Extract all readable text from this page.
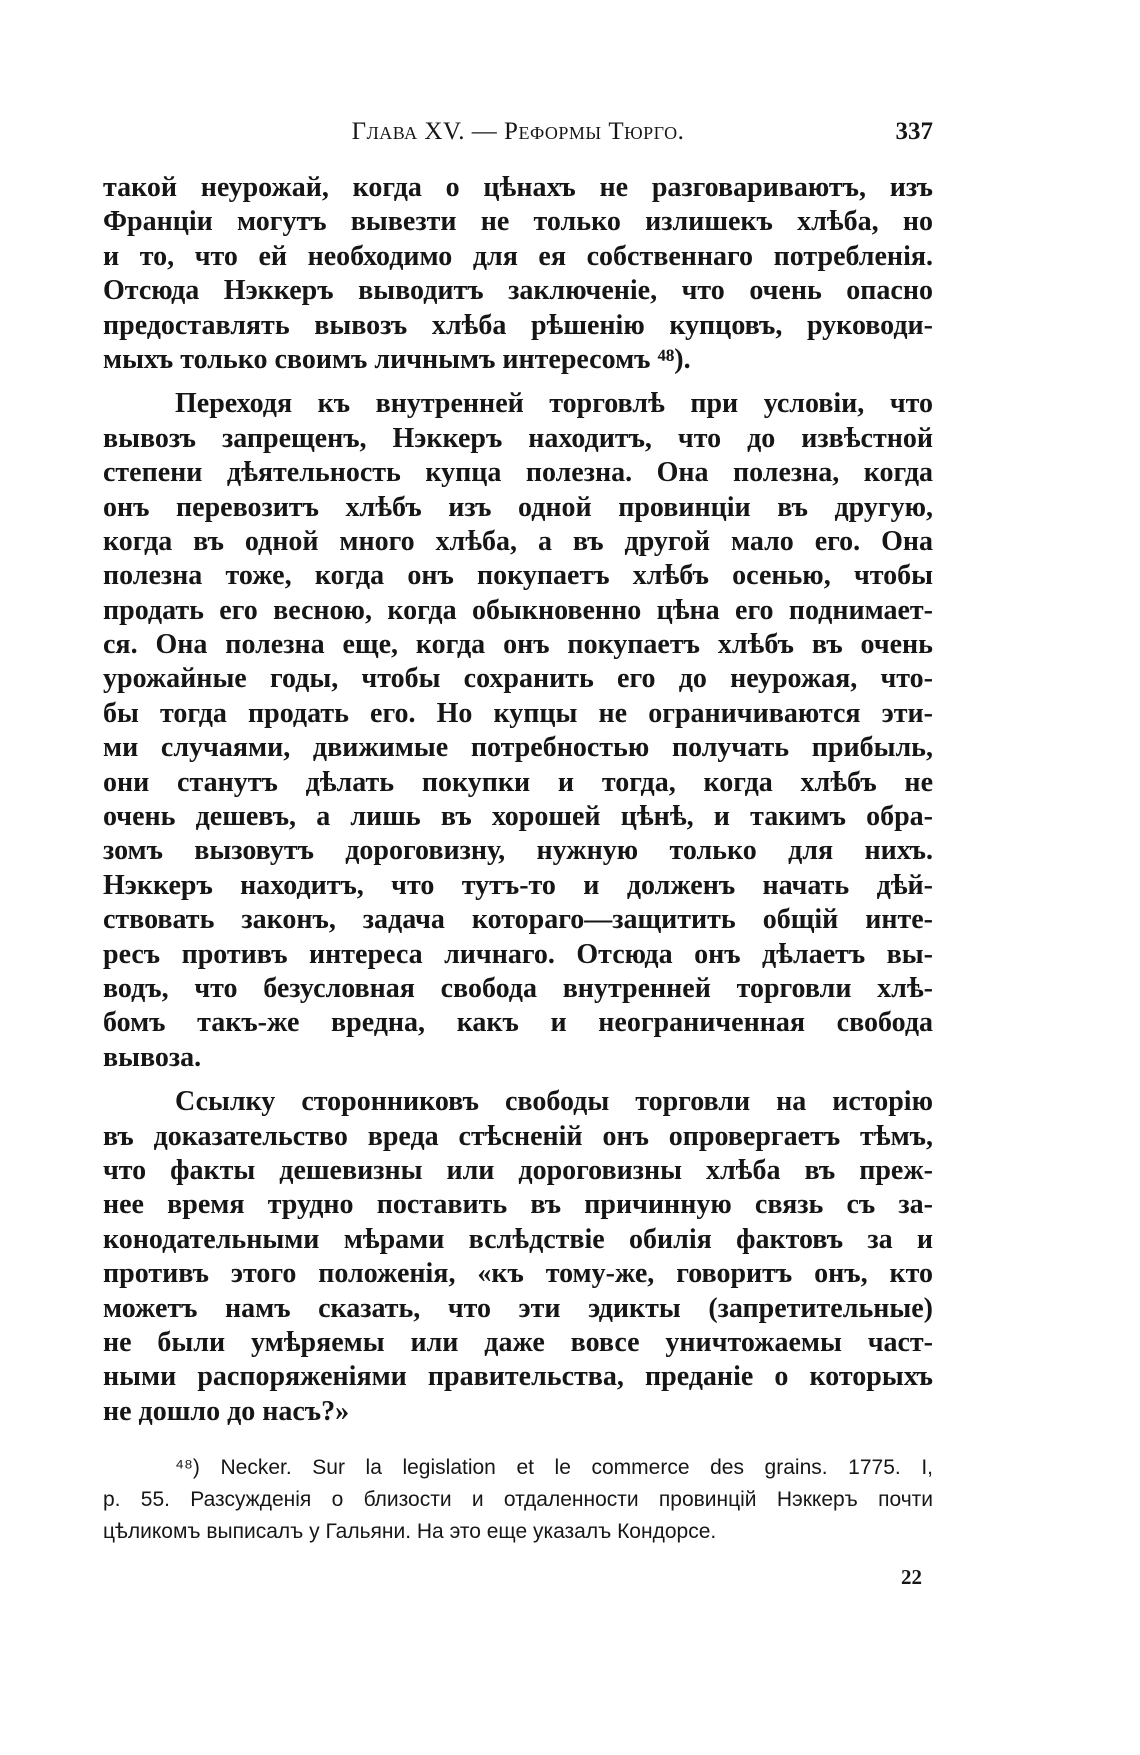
Глава XV. — Реформы Тюрго.	337
такой неурожай, когда о цѣнахъ не разговариваютъ, изъ
Франціи могутъ вывезти не только излишекъ хлѣба, но
и то, что ей необходимо для ея собственнаго потребленія.
Отсюда Нэккеръ выводитъ заключеніе, что очень опасно
предоставлять вывозъ хлѣба рѣшенію купцовъ, руководи-
мыхъ только своимъ личнымъ интересомъ ⁴⁸).
Переходя къ внутренней торговлѣ при условіи, что
вывозъ запрещенъ, Нэккеръ находитъ, что до извѣстной
степени дѣятельность купца полезна. Она полезна, когда
онъ перевозитъ хлѣбъ изъ одной провинціи въ другую,
когда въ одной много хлѣба, а въ другой мало его. Она
полезна тоже, когда онъ покупаетъ хлѣбъ осенью, чтобы
продать его весною, когда обыкновенно цѣна его поднимает-
ся. Она полезна еще, когда онъ покупаетъ хлѣбъ въ очень
урожайные годы, чтобы сохранить его до неурожая, что-
бы тогда продать его. Но купцы не ограничиваются эти-
ми случаями, движимые потребностью получать прибыль,
они станутъ дѣлать покупки и тогда, когда хлѣбъ не
очень дешевъ, а лишь въ хорошей цѣнѣ, и такимъ обра-
зомъ вызовутъ дороговизну, нужную только для нихъ.
Нэккеръ находитъ, что тутъ-то и долженъ начать дѣй-
ствовать законъ, задача котораго—защитить общій инте-
ресъ противъ интереса личнаго. Отсюда онъ дѣлаетъ вы-
водъ, что безусловная свобода внутренней торговли хлѣ-
бомъ такъ-же вредна, какъ и неограниченная свобода
вывоза.
Ссылку сторонниковъ свободы торговли на исторію
въ доказательство вреда стѣсненій онъ опровергаетъ тѣмъ,
что факты дешевизны или дороговизны хлѣба въ преж-
нее время трудно поставить въ причинную связь съ за-
конодательными мѣрами вслѣдствіе обилія фактовъ за и
противъ этого положенія, «къ тому-же, говоритъ онъ, кто
можетъ намъ сказать, что эти эдикты (запретительные)
не были умѣряемы или даже вовсе уничтожаемы част-
ными распоряженіями правительства, преданіе о которыхъ
не дошло до насъ?»
⁴⁸) Necker. Sur la legislation et le commerce des grains. 1775. I,
p. 55. Разсужденія о близости и отдаленности провинцій Нэккеръ почти
цѣликомъ выписалъ у Гальяни. На это еще указалъ Кондорсе.
22
